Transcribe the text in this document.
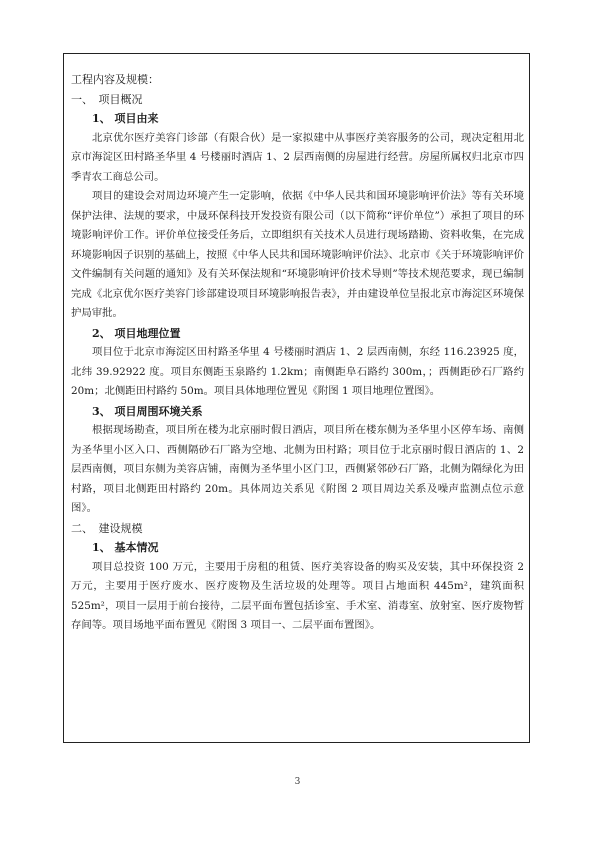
工程内容及规模：
一、　项目概况
1、 项目由来
北京优尔医疗美容门诊部（有限合伙）是一家拟建中从事医疗美容服务的公司，现决定租用北京市海淀区田村路圣华里 4 号楼丽时酒店 1、2 层西南侧的房屋进行经营。房屋所属权归北京市四季青农工商总公司。
项目的建设会对周边环境产生一定影响，依据《中华人民共和国环境影响评价法》等有关环境保护法律、法规的要求，中晟环保科技开发投资有限公司（以下简称“评价单位”）承担了项目的环境影响评价工作。评价单位接受任务后，立即组织有关技术人员进行现场踏勘、资料收集，在完成环境影响因子识别的基础上，按照《中华人民共和国环境影响评价法》、北京市《关于环境影响评价文件编制有关问题的通知》及有关环保法规和“环境影响评价技术导则”等技术规范要求，现已编制完成《北京优尔医疗美容门诊部建设项目环境影响报告表》，并由建设单位呈报北京市海淀区环境保护局审批。
2、 项目地理位置
项目位于北京市海淀区田村路圣华里 4 号楼丽时酒店 1、2 层西南侧，东经 116.23925 度，北纬 39.92922 度。项目东侧距玉泉路约 1.2km；南侧距阜石路约 300m，；西侧距砂石厂路约 20m；北侧距田村路约 50m。项目具体地理位置见《附图 1 项目地理位置图》。
3、 项目周围环境关系
根据现场勘查，项目所在楼为北京丽时假日酒店，项目所在楼东侧为圣华里小区停车场、南侧为圣华里小区入口、西侧隔砂石厂路为空地、北侧为田村路；项目位于北京丽时假日酒店的 1、2 层西南侧，项目东侧为美容店铺，南侧为圣华里小区门卫，西侧紧邻砂石厂路，北侧为隔绿化为田村路，项目北侧距田村路约 20m。具体周边关系见《附图 2 项目周边关系及噪声监测点位示意图》。
二、　建设规模
1、 基本情况
项目总投资 100 万元，主要用于房租的租赁、医疗美容设备的购买及安装，其中环保投资 2 万元，主要用于医疗废水、医疗废物及生活垃圾的处理等。项目占地面积 445m²，建筑面积 525m²，项目一层用于前台接待，二层平面布置包括诊室、手术室、消毒室、放射室、医疗废物暂存间等。项目场地平面布置见《附图 3 项目一、二层平面布置图》。
3
